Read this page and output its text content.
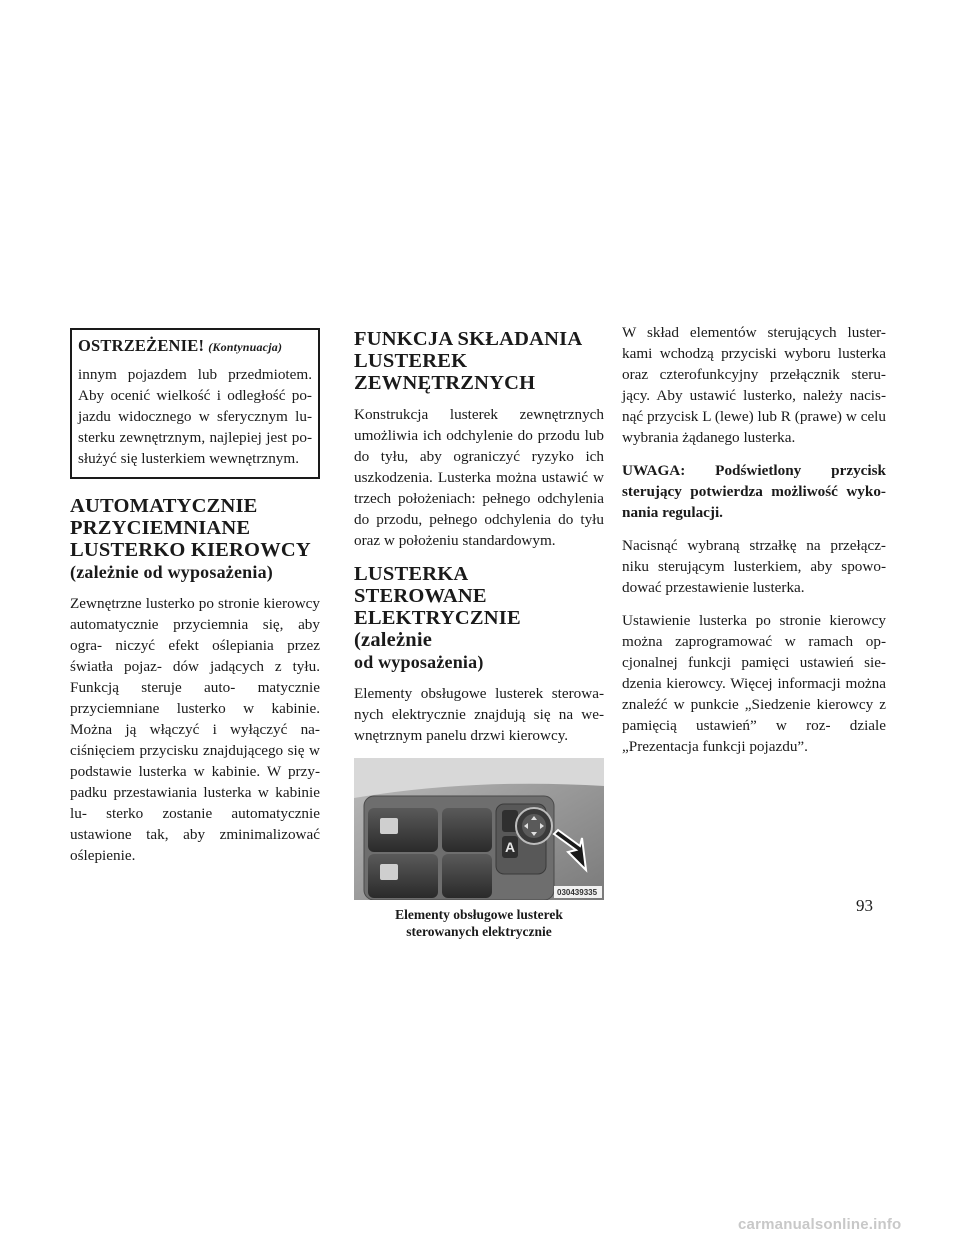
OSTRZEŻENIE! (Kontynuacja)

innym pojazdem lub przedmiotem. Aby ocenić wielkość i odległość po- jazdu widocznego w sferycznym lu- sterku zewnętrznym, najlepiej jest po- służyć się lusterkiem wewnętrznym.

AUTOMATYCZNIE
PRZYCIEMNIANE
LUSTERKO KIEROWCY
(zależnie od wyposażenia)

Zewnętrzne lusterko po stronie kierowcy automatycznie przyciemnia się, aby ogra- niczyć efekt oślepiania przez światła pojaz- dów jadących z tyłu. Funkcją steruje auto- matycznie przyciemniane lusterko w kabinie. Można ją włączyć i wyłączyć na- ciśnięciem przycisku znajdującego się w podstawie lusterka w kabinie. W przy- padku przestawiania lusterka w kabinie lu- sterko zostanie automatycznie ustawione tak, aby zminimalizować oślepienie.

FUNKCJA SKŁADANIA
LUSTEREK
ZEWNĘTRZNYCH

Konstrukcja lusterek zewnętrznych umożliwia ich odchylenie do przodu lub do tyłu, aby ograniczyć ryzyko ich uszkodzenia. Lusterka można ustawić w trzech położeniach: pełnego odchylenia do przodu, pełnego odchylenia do tyłu oraz w położeniu standardowym.

LUSTERKA STEROWANE
ELEKTRYCZNIE (zależnie
od wyposażenia)

Elementy obsługowe lusterek sterowa- nych elektrycznie znajdują się na we- wnętrznym panelu drzwi kierowcy.

A
030439335
Elementy obsługowe lusterek
sterowanych elektrycznie

W skład elementów sterujących luster- kami wchodzą przyciski wyboru lusterka oraz czterofunkcyjny przełącznik steru- jący. Aby ustawić lusterko, należy nacis- nąć przycisk L (lewe) lub R (prawe) w celu wybrania żądanego lusterka.

UWAGA: Podświetlony przycisk sterujący potwierdza możliwość wyko- nania regulacji.

Nacisnąć wybraną strzałkę na przełącz- niku sterującym lusterkiem, aby spowo- dować przestawienie lusterka.

Ustawienie lusterka po stronie kierowcy można zaprogramować w ramach op- cjonalnej funkcji pamięci ustawień sie- dzenia kierowcy. Więcej informacji można znaleźć w punkcie „Siedzenie kierowcy z pamięcią ustawień” w roz- dziale „Prezentacja funkcji pojazdu”.

93
carmanualsonline.info
